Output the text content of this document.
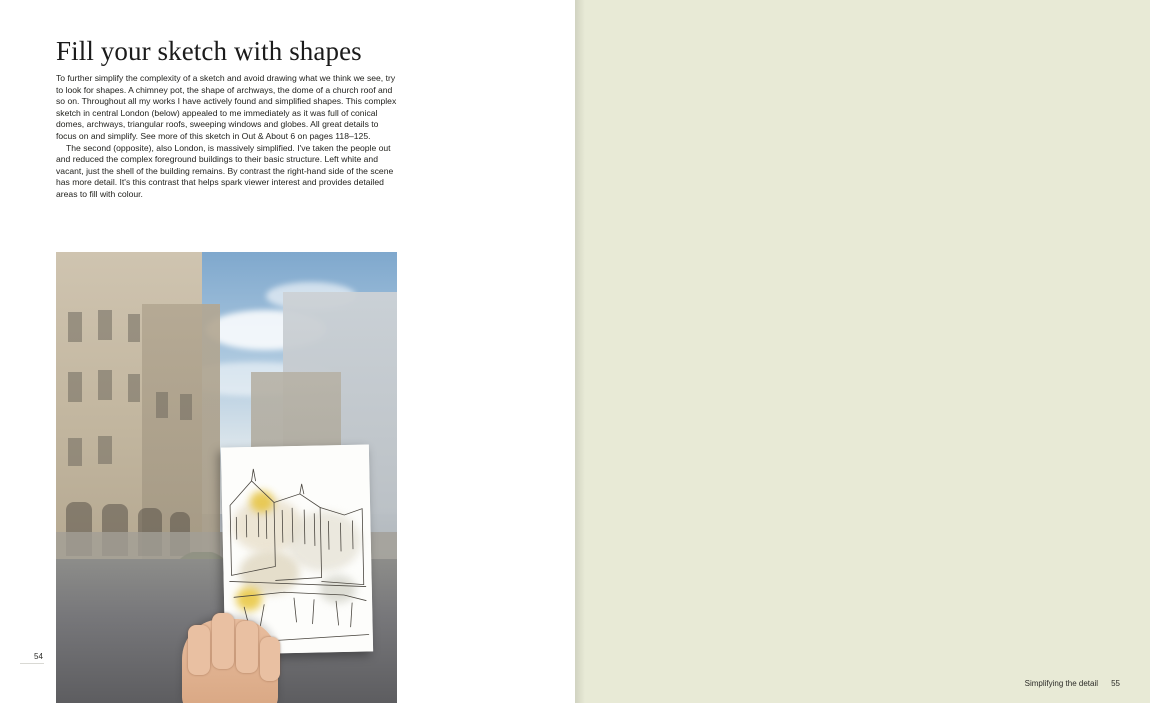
Fill your sketch with shapes

To further simplify the complexity of a sketch and avoid drawing what we think we see, try to look for shapes. A chimney pot, the shape of archways, the dome of a church roof and so on. Throughout all my works I have actively found and simplified shapes. This complex sketch in central London (below) appealed to me immediately as it was full of conical domes, archways, triangular roofs, sweeping windows and globes. All great details to focus on and simplify. See more of this sketch in Out & About 6 on pages 118–125.

The second (opposite), also London, is massively simplified. I've taken the people out and reduced the complex foreground buildings to their basic structure. Left white and vacant, just the shell of the building remains. By contrast the right-hand side of the scene has more detail. It's this contrast that helps spark viewer interest and provides detailed areas to fill with colour.

54

Simplifying the detail 55
